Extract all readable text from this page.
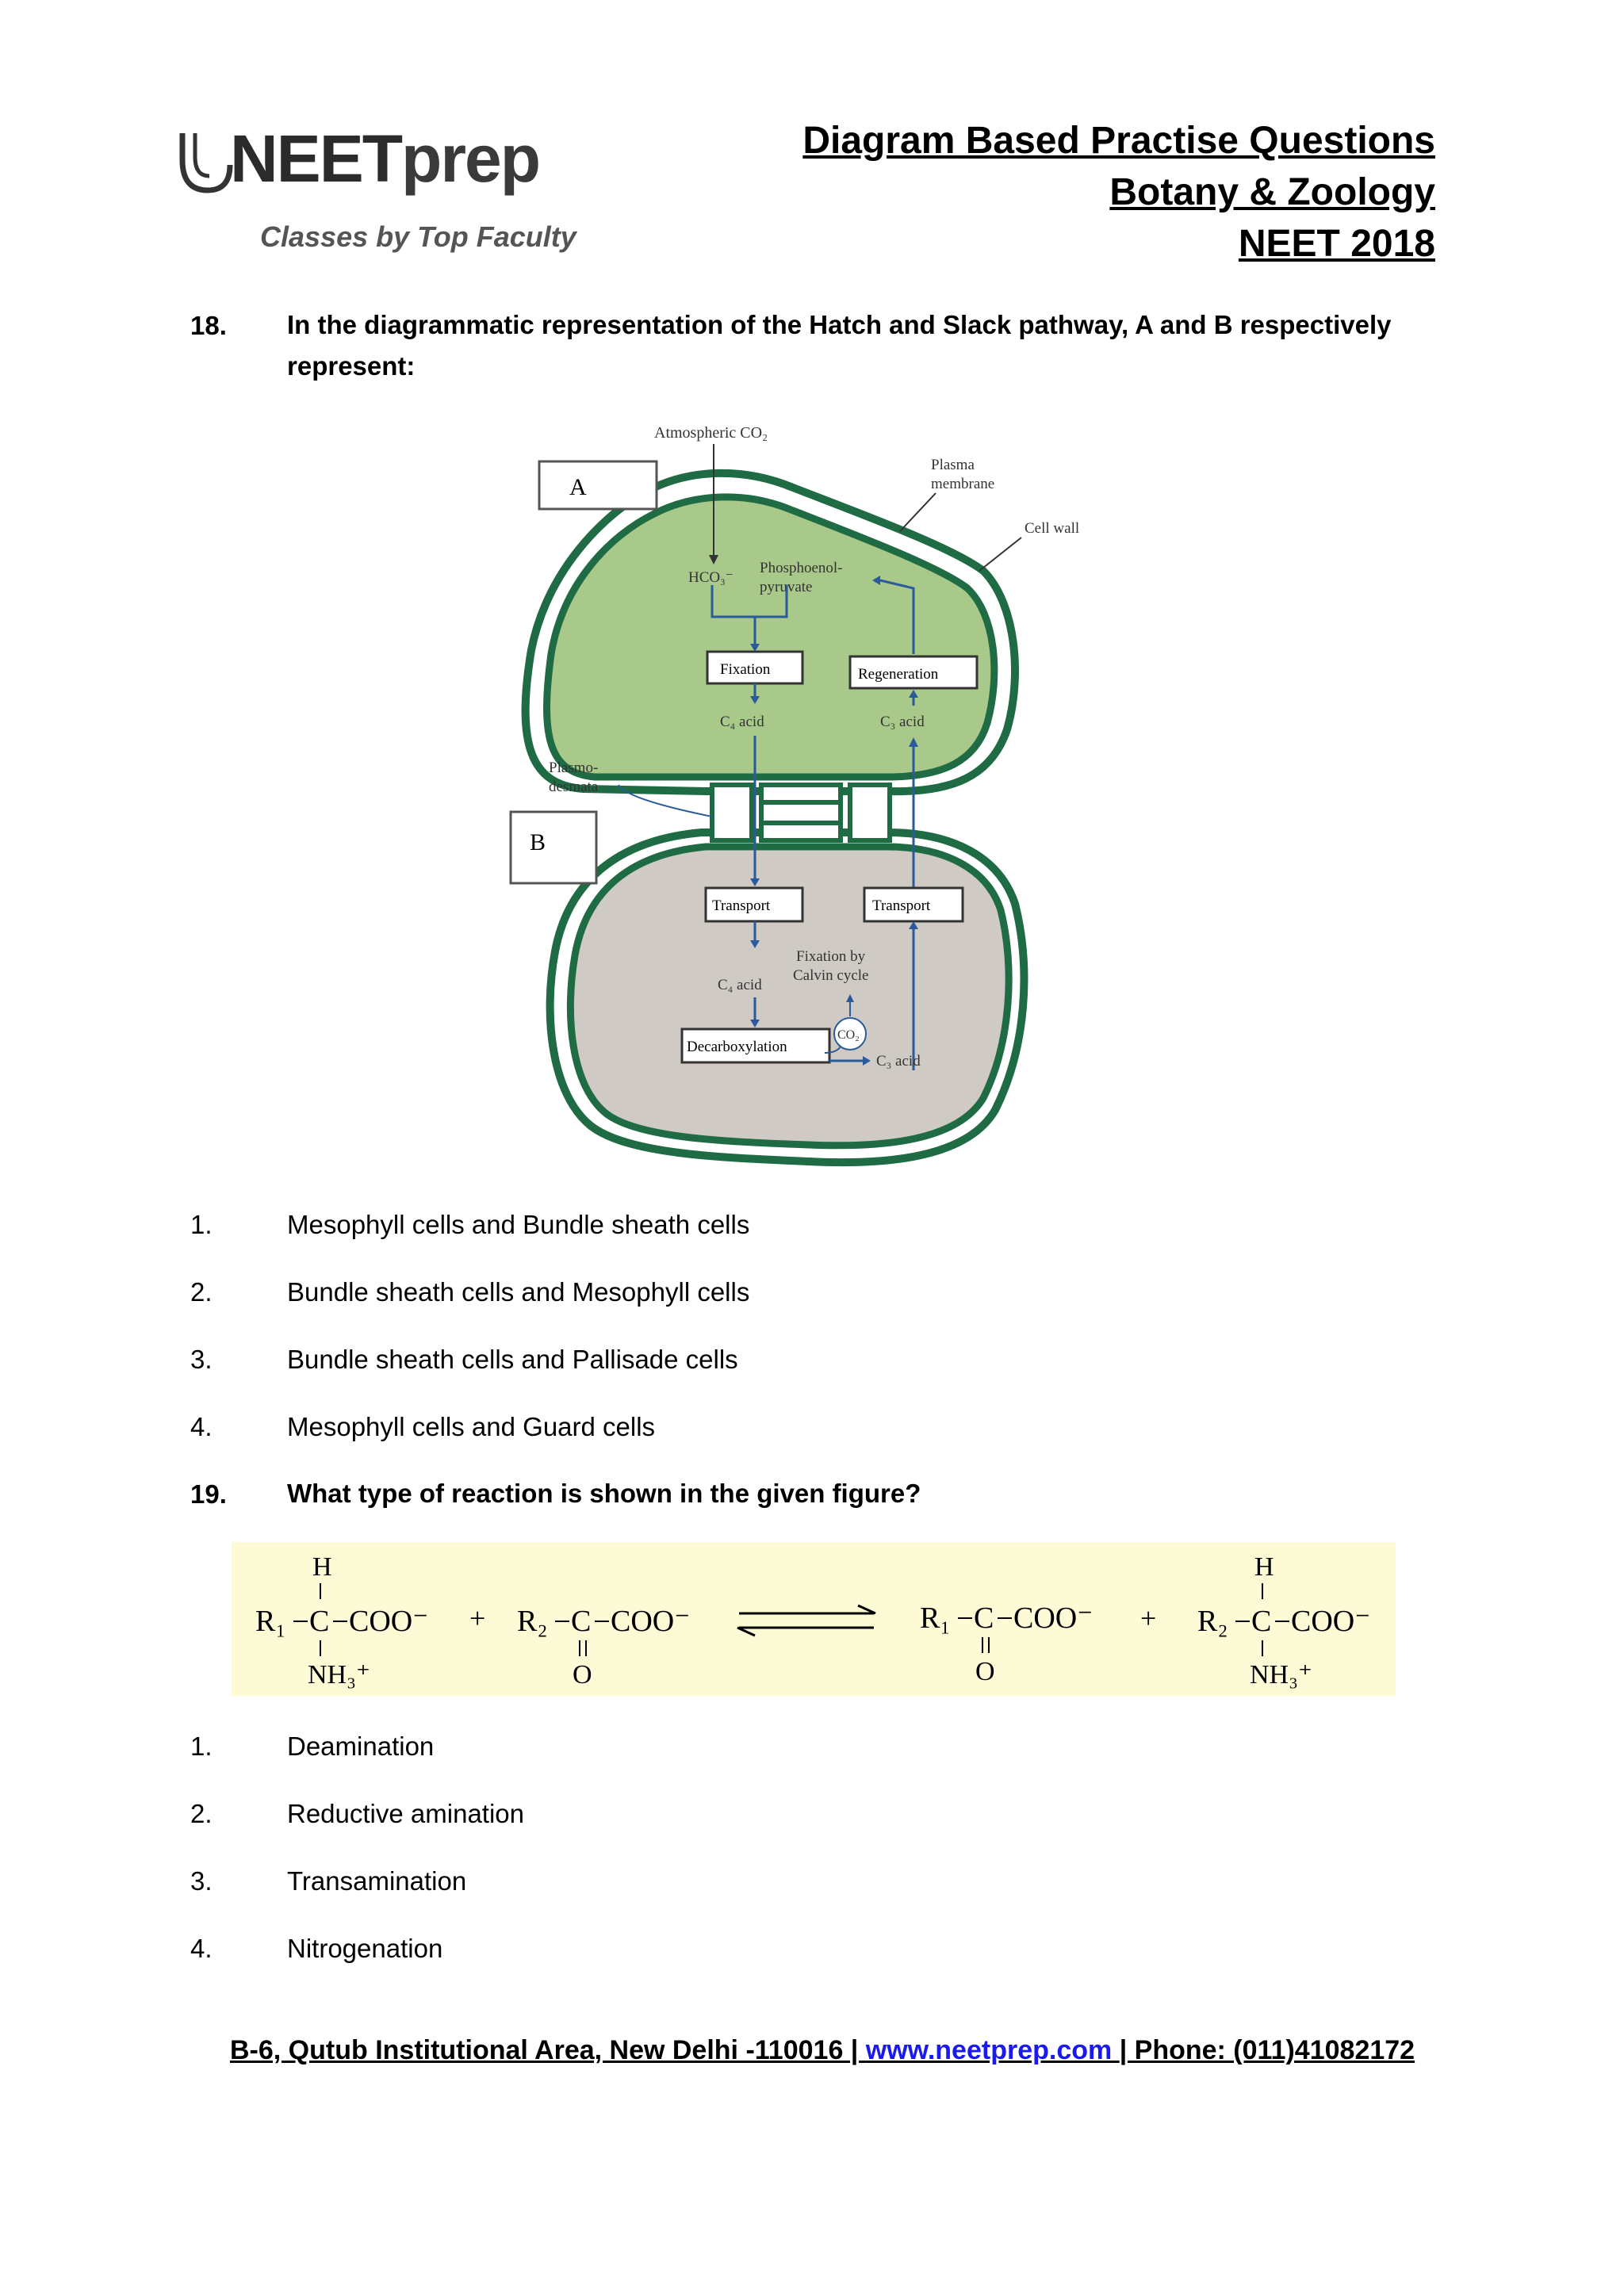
NEETprep
Classes by Top Faculty
Diagram Based Practise Questions
Botany & Zoology
NEET 2018
18. In the diagrammatic representation of the Hatch and Slack pathway, A and B respectively represent:
A
B
Atmospheric CO₂
Plasma
membrane
Cell wall
HCO₃⁻
Phosphoenol-
pyruvate
Fixation	Regeneration
C₄ acid	C₃ acid
Plasmo-
desmata
Transport	Transport
C₄ acid
Fixation by
Calvin cycle
Decarboxylation
C₃ acid
CO₂
1.	Mesophyll cells and Bundle sheath cells
2.	Bundle sheath cells and Mesophyll cells
3.	Bundle sheath cells and Pallisade cells
4.	Mesophyll cells and Guard cells
19. What type of reaction is shown in the given figure?
H
R₁ C COO⁻
NH₃⁺
+ R₂ C COO⁻
O
R₁ C COO⁻
O
+
H
R₂ C COO⁻
NH₃⁺
1.	Deamination
2.	Reductive amination
3.	Transamination
4.	Nitrogenation
B-6, Qutub Institutional Area, New Delhi -110016 | www.neetprep.com | Phone: (011)41082172
